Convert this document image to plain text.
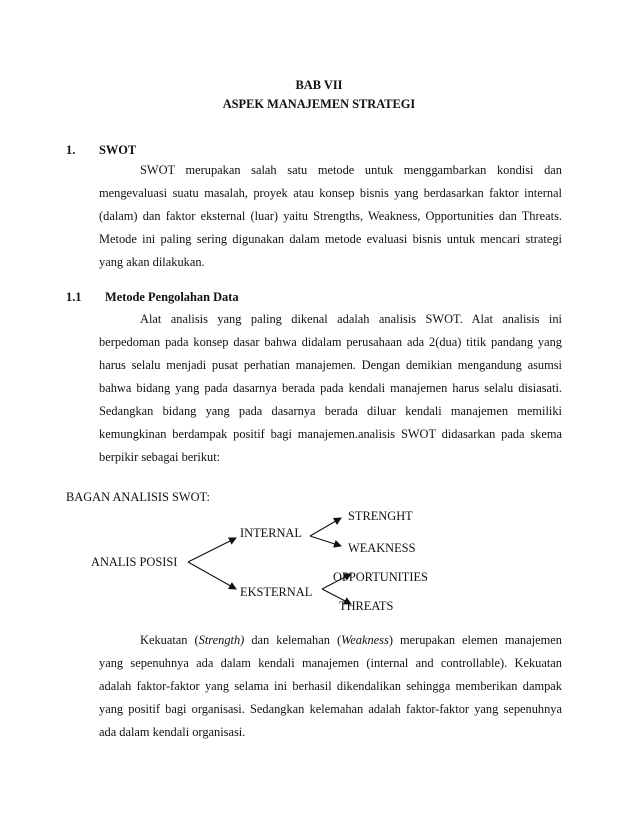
BAB VII
ASPEK MANAJEMEN STRATEGI
1. SWOT
SWOT merupakan salah satu metode untuk menggambarkan kondisi dan
mengevaluasi suatu masalah, proyek atau konsep bisnis yang berdasarkan faktor internal
(dalam) dan faktor eksternal (luar) yaitu Strengths, Weakness, Opportunities dan Threats.
Metode ini paling sering digunakan dalam metode evaluasi bisnis untuk mencari strategi
yang akan dilakukan.
1.1 Metode Pengolahan Data
Alat analisis yang paling dikenal adalah analisis SWOT. Alat analisis ini
berpedoman pada konsep dasar bahwa didalam perusahaan ada 2(dua) titik pandang yang
harus selalu menjadi pusat perhatian manajemen. Dengan demikian mengandung asumsi
bahwa bidang yang pada dasarnya berada pada kendali manajemen harus selalu disiasati.
Sedangkan bidang yang pada dasarnya berada diluar kendali manajemen memiliki
kemungkinan berdampak positif bagi manajemen.analisis SWOT didasarkan pada skema
berpikir sebagai berikut:
BAGAN ANALISIS SWOT:
STRENGHT
INTERNAL
WEAKNESS
ANALIS POSISI
OPPORTUNITIES
EKSTERNAL
THREATS
Kekuatan (Strength) dan kelemahan (Weakness) merupakan elemen manajemen
yang sepenuhnya ada dalam kendali manajemen (internal and controllable). Kekuatan
adalah faktor-faktor yang selama ini berhasil dikendalikan sehingga memberikan dampak
yang positif bagi organisasi. Sedangkan kelemahan adalah faktor-faktor yang sepenuhnya
ada dalam kendali organisasi.
